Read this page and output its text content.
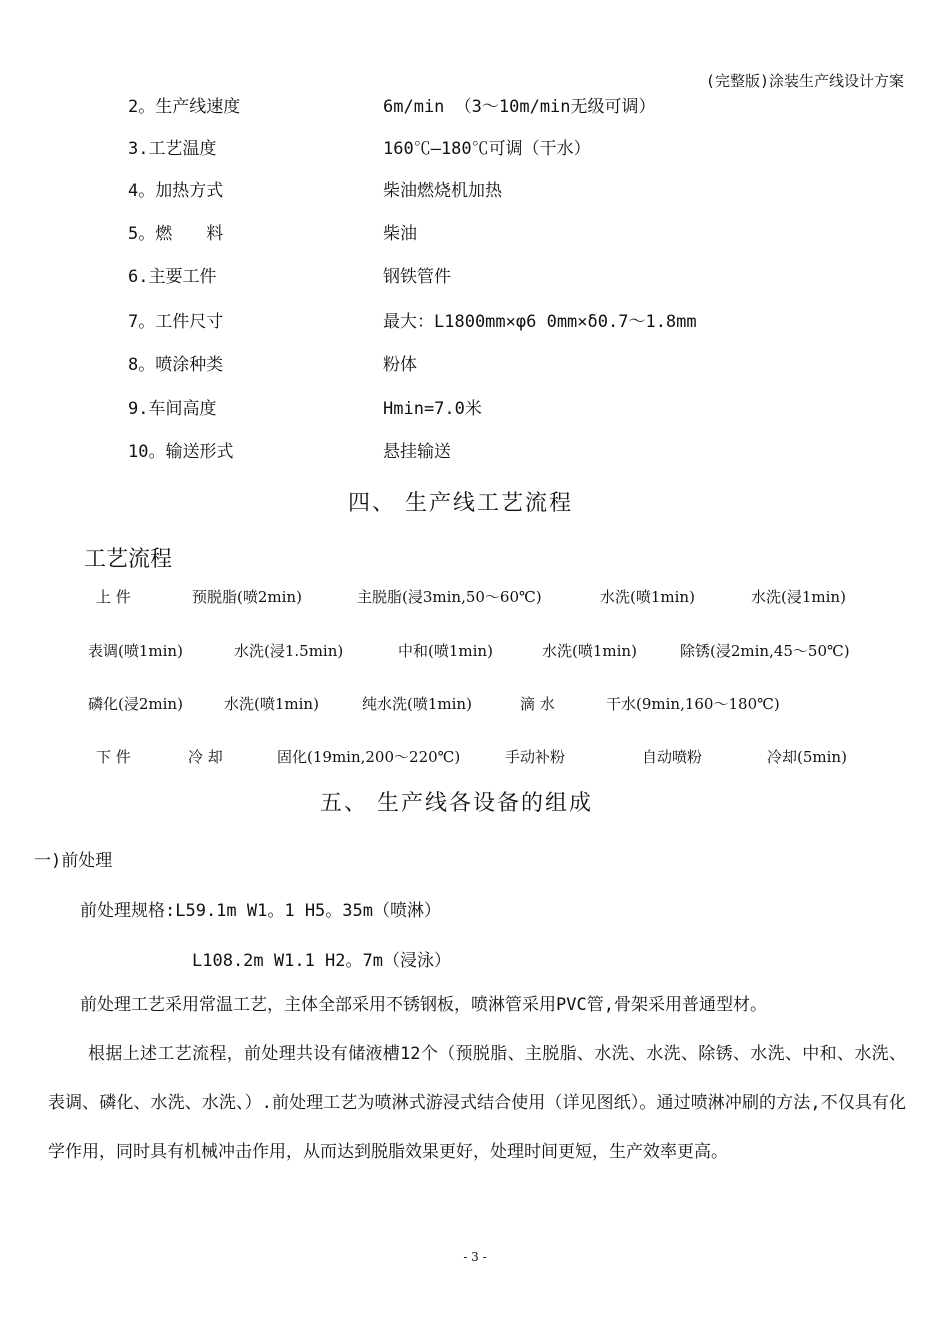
(完整版)涂装生产线设计方案
2。生产线速度	6m/min （3～10m/min无级可调）
3.工艺温度	160℃—180℃可调（干水）
4。加热方式	柴油燃烧机加热
5。燃　　料	柴油
6.主要工件	钢铁管件
7。工件尺寸	最大：L1800mm×φ6 0mm×δ0.7～1.8mm
8。喷涂种类	粉体
9.车间高度	Hmin=7.0米
10。输送形式	悬挂输送
四、 生产线工艺流程
工艺流程
上 件	预脱脂(喷2min)	主脱脂(浸3min,50～60℃)	水洗(喷1min)	水洗(浸1min)
表调(喷1min)	水洗(浸1.5min)	中和(喷1min)	水洗(喷1min)	除锈(浸2min,45～50℃)
磷化(浸2min)	水洗(喷1min)	纯水洗(喷1min)	滴 水	干水(9min,160～180℃)
下 件	冷 却	固化(19min,200～220℃)	手动补粉	自动喷粉	冷却(5min)
五、 生产线各设备的组成
一)前处理
前处理规格:L59.1m W1。1 H5。35m（喷淋）
L108.2m W1.1 H2。7m（浸泳）
前处理工艺采用常温工艺，主体全部采用不锈钢板，喷淋管采用PVC管,骨架采用普通型材。
根据上述工艺流程，前处理共设有储液槽12个（预脱脂、主脱脂、水洗、水洗、除锈、水洗、中和、水洗、表调、磷化、水洗、水洗、）.前处理工艺为喷淋式游浸式结合使用（详见图纸）。通过喷淋冲刷的方法,不仅具有化学作用，同时具有机械冲击作用，从而达到脱脂效果更好，处理时间更短，生产效率更高。
- 3 -
